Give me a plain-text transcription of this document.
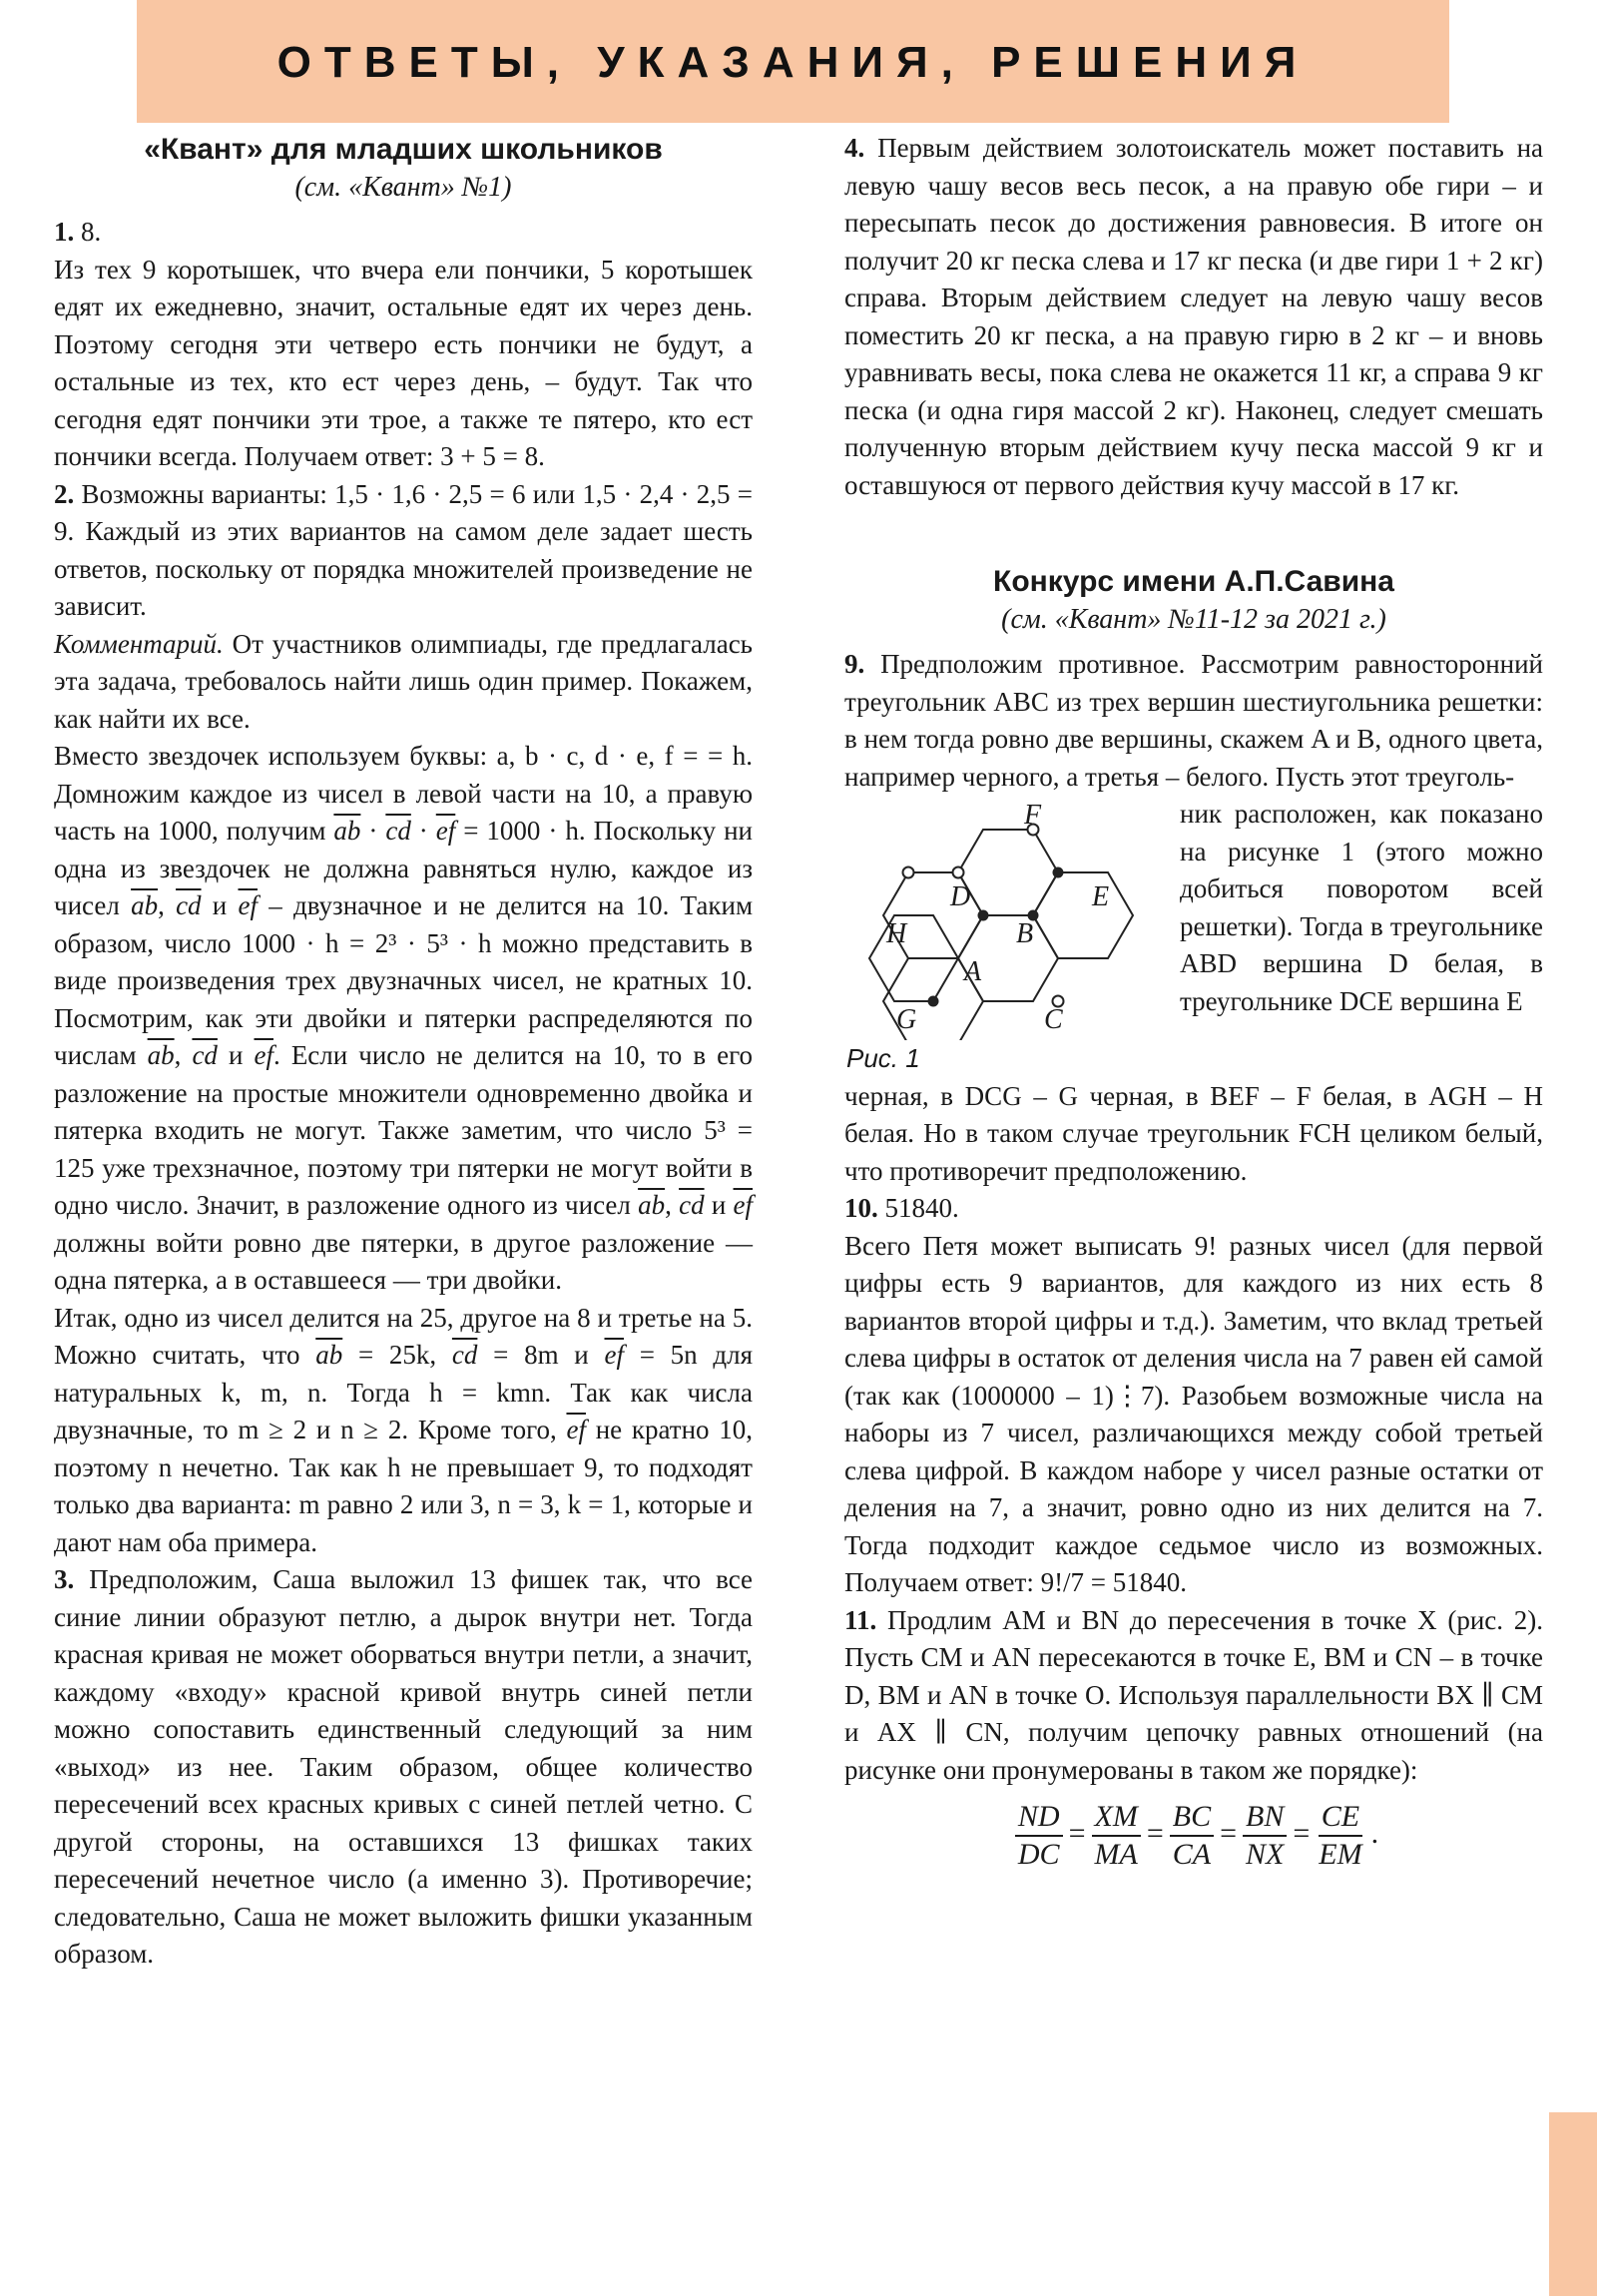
ОТВЕТЫ, УКАЗАНИЯ, РЕШЕНИЯ
«Квант» для младших школьников
(см. «Квант» №1)

1. 8.

Из тех 9 коротышек, что вчера ели пончики, 5 коротышек едят их ежедневно, значит, остальные едят их через день. Поэтому сегодня эти четверо есть пончики не будут, а остальные из тех, кто ест через день, – будут. Так что сегодня едят пончики эти трое, а также те пятеро, кто ест пончики всегда. Получаем ответ: 3 + 5 = 8.

2. Возможны варианты: 1,5 · 1,6 · 2,5 = 6 или 1,5 · 2,4 · 2,5 = 9. Каждый из этих вариантов на самом деле задает шесть ответов, поскольку от порядка множителей произведение не зависит.

Комментарий. От участников олимпиады, где предлагалась эта задача, требовалось найти лишь один пример. Покажем, как найти их все.

Вместо звездочек используем буквы: a, b · c, d · e, f = = h. Домножим каждое из чисел в левой части на 10, а правую часть на 1000, получим $\overline{ab} \cdot \overline{cd} \cdot \overline{ef} = 1000 \cdot h$. Поскольку ни одна из звездочек не должна равняться нулю, каждое из чисел $\overline{ab}$, $\overline{cd}$ и $\overline{ef}$ – двузначное и не делится на 10. Таким образом, число 1000 · h = 2³ · 5³ · h можно представить в виде произведения трех двузначных чисел, не кратных 10. Посмотрим, как эти двойки и пятерки распределяются по числам $\overline{ab}$, $\overline{cd}$ и $\overline{ef}$. Если число не делится на 10, то в его разложение на простые множители одновременно двойка и пятерка входить не могут. Также заметим, что число 5³ = 125 уже трехзначное, поэтому три пятерки не могут войти в одно число. Значит, в разложение одного из чисел $\overline{ab}$, $\overline{cd}$ и $\overline{ef}$ должны войти ровно две пятерки, в другое разложение — одна пятерка, а в оставшееся — три двойки.

Итак, одно из чисел делится на 25, другое на 8 и третье на 5. Можно считать, что $\overline{ab} = 25k$, $\overline{cd} = 8m$ и $\overline{ef} = 5n$ для натуральных k, m, n. Тогда h = kmn. Так как числа двузначные, то m ≥ 2 и n ≥ 2. Кроме того, $\overline{ef}$ не кратно 10, поэтому n нечетно. Так как h не превышает 9, то подходят только два варианта: m равно 2 или 3, n = 3, k = 1, которые и дают нам оба примера.

3. Предположим, Саша выложил 13 фишек так, что все синие линии образуют петлю, а дырок внутри нет. Тогда красная кривая не может оборваться внутри петли, а значит, каждому «входу» красной кривой внутрь синей петли можно сопоставить единственный следующий за ним «выход» из нее. Таким образом, общее количество пересечений всех красных кривых с синей петлей четно. С другой стороны, на оставшихся 13 фишках таких пересечений нечетное число (а именно 3). Противоречие; следовательно, Саша не может выложить фишки указанным образом.

4. Первым действием золотоискатель может поставить на левую чашу весов весь песок, а на правую обе гири – и пересыпать песок до достижения равновесия. В итоге он получит 20 кг песка слева и 17 кг песка (и две гири 1 + 2 кг) справа. Вторым действием следует на левую чашу весов поместить 20 кг песка, а на правую гирю в 2 кг – и вновь уравнивать весы, пока слева не окажется 11 кг, а справа 9 кг песка (и одна гиря массой 2 кг). Наконец, следует смешать полученную вторым действием кучу песка массой 9 кг и оставшуюся от первого действия кучу массой в 17 кг.

Конкурс имени А.П.Савина
(см. «Квант» №11-12 за 2021 г.)

9. Предположим противное. Рассмотрим равносторонний треугольник ABC из трех вершин шестиугольника решетки: в нем тогда ровно две вершины, скажем A и B, одного цвета, например черного, а третья – белого. Пусть этот треуголь-

F
D	E
H	B
A
G	C
Рис. 1
ник расположен, как показано на рисунке 1 (этого можно добиться поворотом всей решетки). Тогда в треугольнике ABD вершина D белая, в треугольнике DCE вершина E

черная, в DCG – G черная, в BEF – F белая, в AGH – H белая. Но в таком случае треугольник FCH целиком белый, что противоречит предположению.

10. 51840.

Всего Петя может выписать 9! разных чисел (для первой цифры есть 9 вариантов, для каждого из них есть 8 вариантов второй цифры и т.д.). Заметим, что вклад третьей слева цифры в остаток от деления числа на 7 равен ей самой (так как (1000000 – 1)⋮7). Разобьем возможные числа на наборы из 7 чисел, различающихся между собой третьей слева цифрой. В каждом наборе у чисел разные остатки от деления на 7, а значит, ровно одно из них делится на 7. Тогда подходит каждое седьмое число из возможных. Получаем ответ: 9!/7 = 51840.

11. Продлим AM и BN до пересечения в точке X (рис. 2). Пусть CM и AN пересекаются в точке E, BM и CN – в точке D, BM и AN в точке O. Используя параллельности BX ∥ CM и AX ∥ CN, получим цепочку равных отношений (на рисунке они пронумерованы в таком же порядке):

$\frac{ND}{DC} = \frac{XM}{MA} = \frac{BC}{CA} = \frac{BN}{NX} = \frac{CE}{EM}$ .
